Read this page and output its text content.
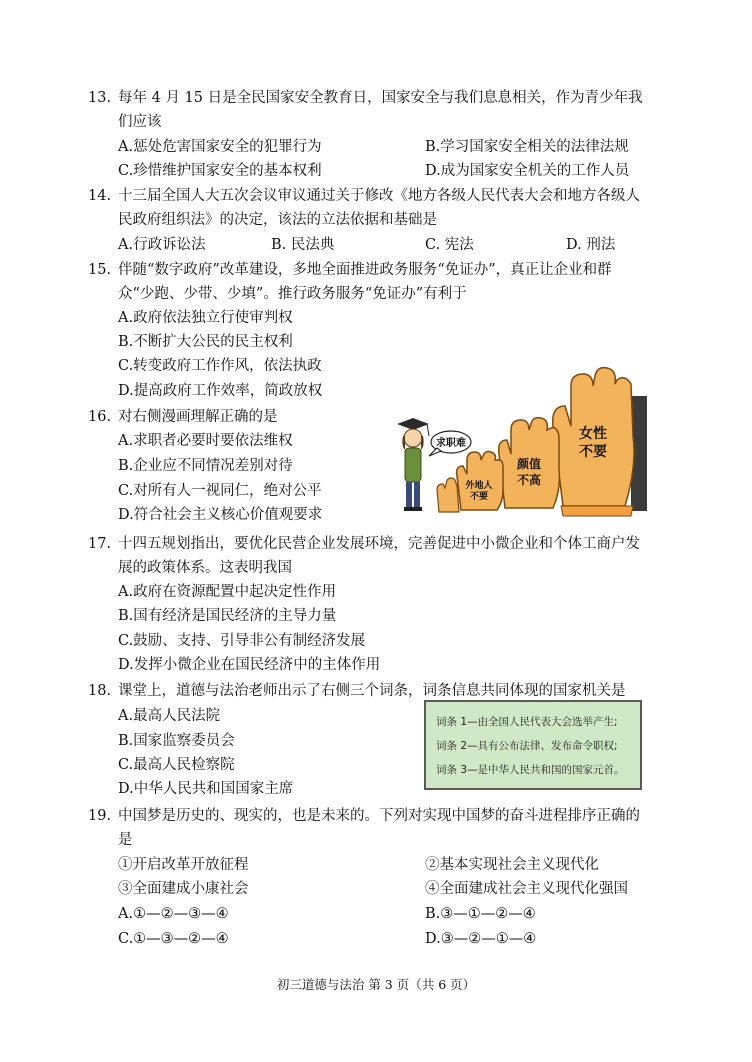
13. 每年 4 月 15 日是全民国家安全教育日，国家安全与我们息息相关，作为青少年我
们应该
A.惩处危害国家安全的犯罪行为	B.学习国家安全相关的法律法规
C.珍惜维护国家安全的基本权利	D.成为国家安全机关的工作人员
14. 十三届全国人大五次会议审议通过关于修改《地方各级人民代表大会和地方各级人
民政府组织法》的决定，该法的立法依据和基础是
A.行政诉讼法	B. 民法典	C. 宪法	D. 刑法
15. 伴随“数字政府”改革建设，多地全面推进政务服务“免证办”，真正让企业和群
众“少跑、少带、少填”。推行政务服务“免证办”有利于
A.政府依法独立行使审判权
B.不断扩大公民的民主权利
C.转变政府工作作风，依法执政
D.提高政府工作效率，简政放权
16. 对右侧漫画理解正确的是
A.求职者必要时要依法维权
B.企业应不同情况差别对待
C.对所有人一视同仁，绝对公平
D.符合社会主义核心价值观要求
求职难
外地人
不要
颜值
不高
女性
不要
17. 十四五规划指出，要优化民营企业发展环境，完善促进中小微企业和个体工商户发
展的政策体系。这表明我国
A.政府在资源配置中起决定性作用
B.国有经济是国民经济的主导力量
C.鼓励、支持、引导非公有制经济发展
D.发挥小微企业在国民经济中的主体作用
18. 课堂上，道德与法治老师出示了右侧三个词条，词条信息共同体现的国家机关是
A.最高人民法院
B.国家监察委员会
C.最高人民检察院
D.中华人民共和国国家主席
词条 1—由全国人民代表大会选举产生;
词条 2—具有公布法律、发布命令职权;
词条 3—是中华人民共和国的国家元首。
19. 中国梦是历史的、现实的，也是未来的。下列对实现中国梦的奋斗进程排序正确的
是
①开启改革开放征程	②基本实现社会主义现代化
③全面建成小康社会	④全面建成社会主义现代化强国
A.①—②—③—④	B.③—①—②—④
C.①—③—②—④	D.③—②—①—④
初三道德与法治 第 3 页（共 6 页）
